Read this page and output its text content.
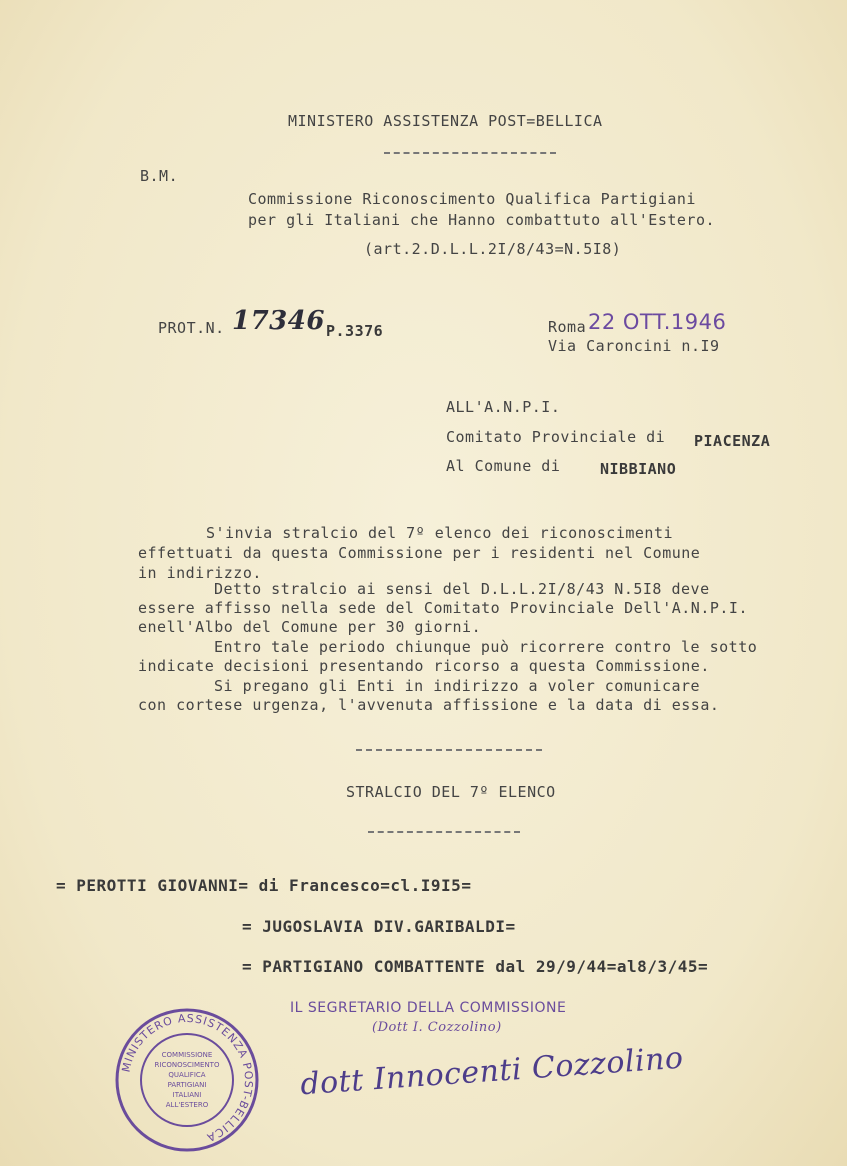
MINISTERO ASSISTENZA POST=BELLICA
B.M.
Commissione Riconoscimento Qualifica Partigiani
per gli Italiani che Hanno combattuto all'Estero.
(art.2.D.L.L.2I/8/43=N.5I8)
PROT.N. 17346 P.3376	Roma 22 OTT.1946
Via Caroncini n.I9
ALL'A.N.P.I.
Comitato Provinciale di PIACENZA
Al Comune di	NIBBIANO
S'invia stralcio del 7º elenco dei riconoscimenti
effettuati da questa Commissione per i residenti nel Comune
in indirizzo.
Detto stralcio ai sensi del D.L.L.2I/8/43 N.5I8 deve
essere affisso nella sede del Comitato Provinciale Dell'A.N.P.I.
enell'Albo del Comune per 30 giorni.
Entro tale periodo chiunque può ricorrere contro le sotto
indicate decisioni presentando ricorso a questa Commissione.
Si pregano gli Enti in indirizzo a voler comunicare
con cortese urgenza, l'avvenuta affissione e la data di essa.
STRALCIO DEL 7º ELENCO
= PEROTTI GIOVANNI= di Francesco=cl.I9I5=
= JUGOSLAVIA DIV.GARIBALDI=
= PARTIGIANO COMBATTENTE dal 29/9/44=al8/3/45=
IL SEGRETARIO DELLA COMMISSIONE
(Dott I. Cozzolino)
dott Innocenti Cozzolino
MINISTERO ASSISTENZA POST-BELLICA
COMMISSIONE
RICONOSCIMENTO
QUALIFICA
PARTIGIANI
ITALIANI
ALL'ESTERO
